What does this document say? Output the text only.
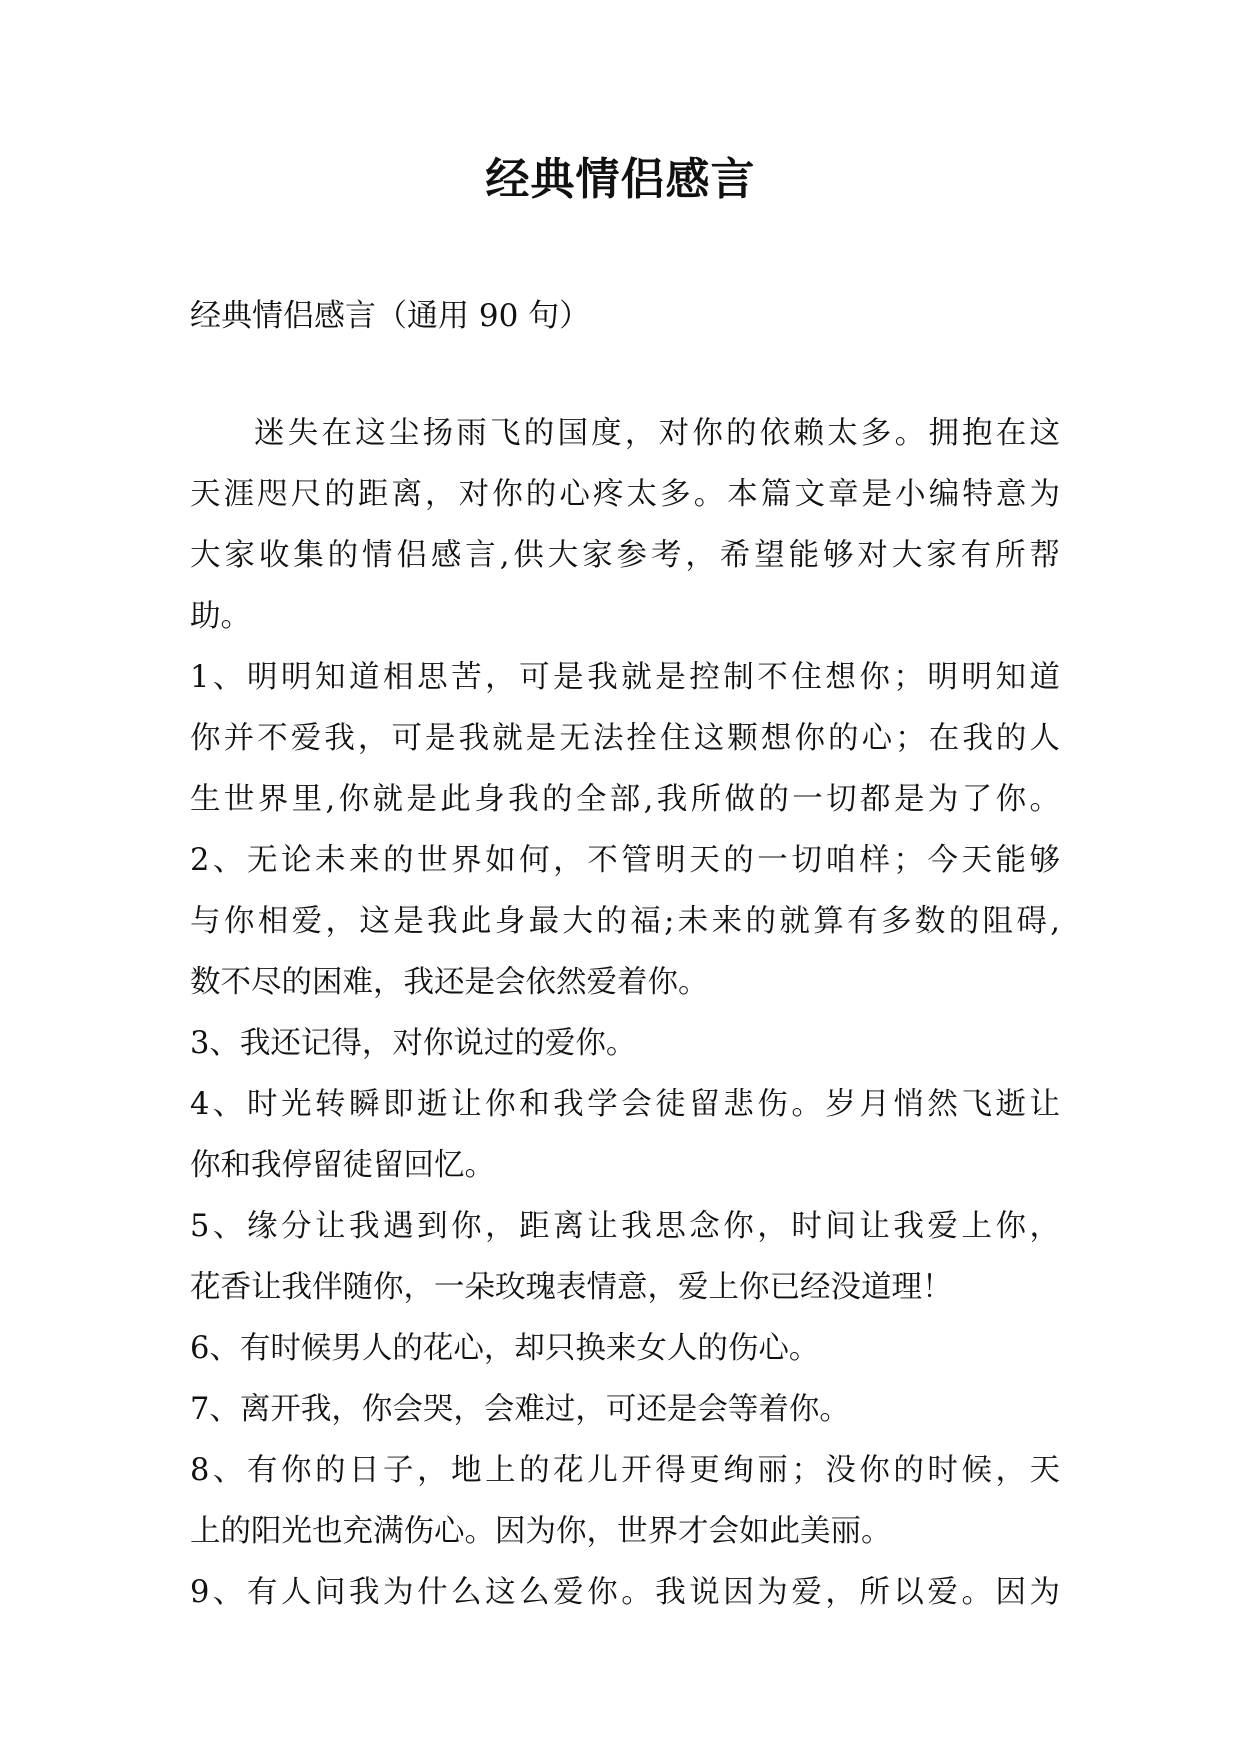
经典情侣感言

经典情侣感言（通用 90 句）

迷失在这尘扬雨飞的国度，对你的依赖太多。拥抱在这
天涯咫尺的距离，对你的心疼太多。本篇文章是小编特意为
大家收集的情侣感言,供大家参考，希望能够对大家有所帮
助。
1、明明知道相思苦，可是我就是控制不住想你；明明知道
你并不爱我，可是我就是无法拴住这颗想你的心；在我的人
生世界里,你就是此身我的全部,我所做的一切都是为了你。
2、无论未来的世界如何，不管明天的一切咱样；今天能够
与你相爱，这是我此身最大的福;未来的就算有多数的阻碍,
数不尽的困难，我还是会依然爱着你。
3、我还记得，对你说过的爱你。
4、时光转瞬即逝让你和我学会徒留悲伤。岁月悄然飞逝让
你和我停留徒留回忆。
5、缘分让我遇到你，距离让我思念你，时间让我爱上你，
花香让我伴随你，一朵玫瑰表情意，爱上你已经没道理！
6、有时候男人的花心，却只换来女人的伤心。
7、离开我，你会哭，会难过，可还是会等着你。
8、有你的日子，地上的花儿开得更绚丽；没你的时候，天
上的阳光也充满伤心。因为你，世界才会如此美丽。
9、有人问我为什么这么爱你。我说因为爱，所以爱。因为
